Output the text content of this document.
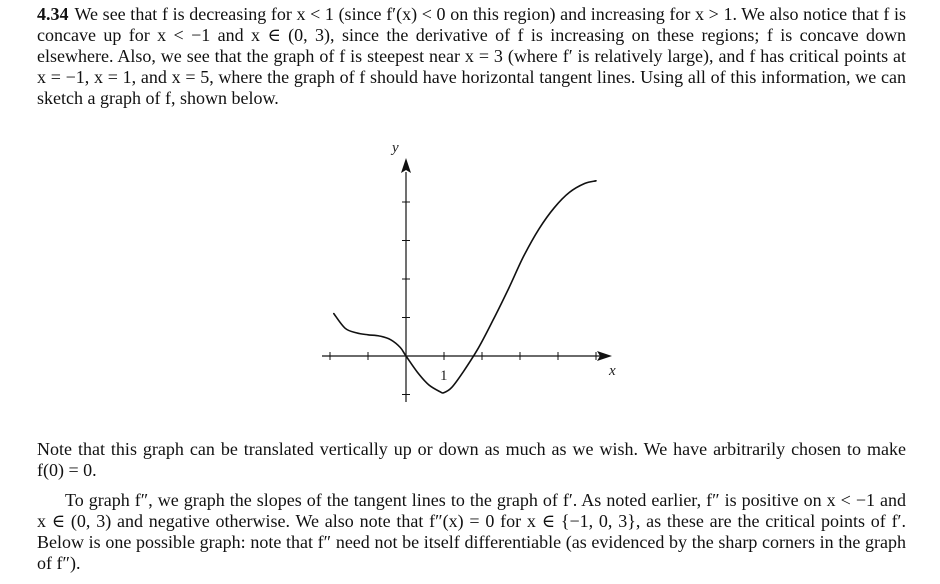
4.34 We see that f is decreasing for x < 1 (since f′(x) < 0 on this region) and increasing for x > 1. We also notice that f is concave up for x < −1 and x ∈ (0, 3), since the derivative of f is increasing on these regions; f is concave down elsewhere. Also, we see that the graph of f is steepest near x = 3 (where f′ is relatively large), and f has critical points at x = −1, x = 1, and x = 5, where the graph of f should have horizontal tangent lines. Using all of this information, we can sketch a graph of f, shown below.

y
x
1

Note that this graph can be translated vertically up or down as much as we wish. We have arbitrarily chosen to make f(0) = 0.

To graph f″, we graph the slopes of the tangent lines to the graph of f′. As noted earlier, f″ is positive on x < −1 and x ∈ (0, 3) and negative otherwise. We also note that f″(x) = 0 for x ∈ {−1, 0, 3}, as these are the critical points of f′. Below is one possible graph: note that f″ need not be itself differentiable (as evidenced by the sharp corners in the graph of f″).
